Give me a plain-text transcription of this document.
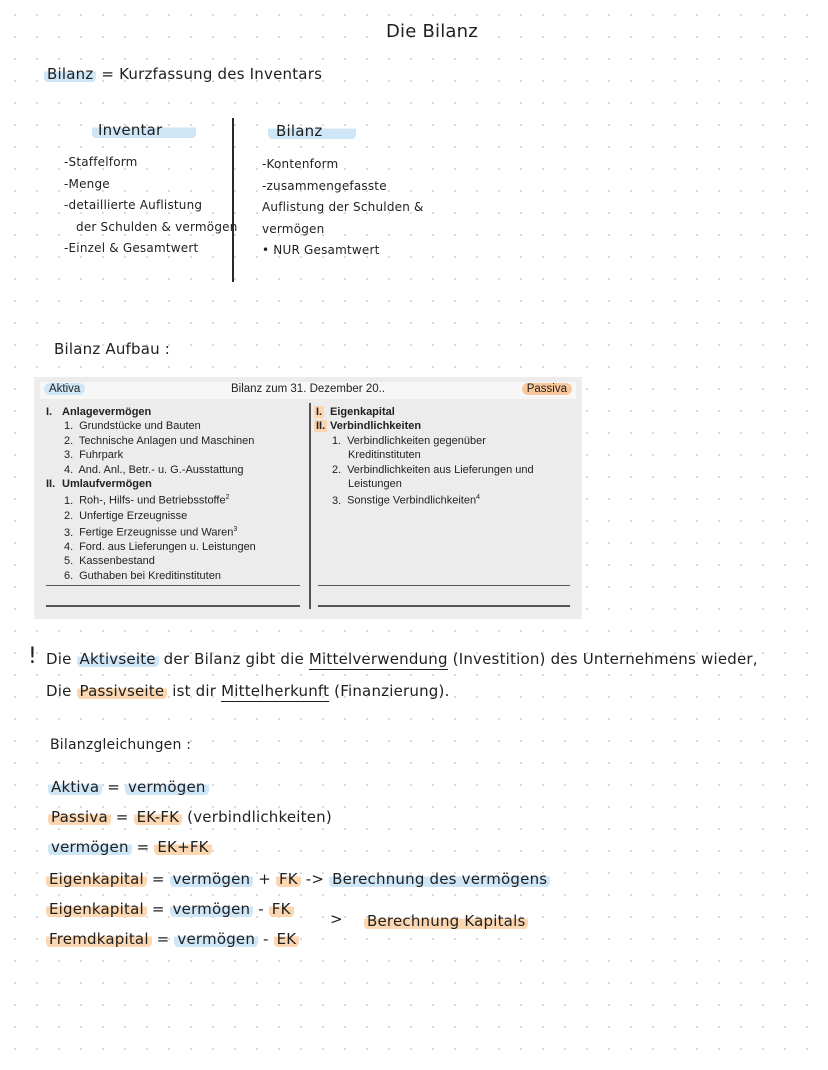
Die Bilanz
Bilanz = Kurzfassung des Inventars
Inventar	Bilanz
-Staffelform
-Menge
-detaillierte Auflistung
der Schulden & vermögen
-Einzel & Gesamtwert
-Kontenform
-zusammengefasste
Auflistung der Schulden &
vermögen
• NUR Gesamtwert
Bilanz Aufbau :
Bilanz zum 31. Dezember 20..
Aktiva	Passiva
I. Anlagevermögen
1. Grundstücke und Bauten
2. Technische Anlagen und Maschinen
3. Fuhrpark
4. And. Anl., Betr.- u. G.-Ausstattung
II. Umlaufvermögen
1. Roh-, Hilfs- und Betriebsstoffe$^2$
2. Unfertige Erzeugnisse
3. Fertige Erzeugnisse und Waren$^3$
4. Ford. aus Lieferungen u. Leistungen
5. Kassenbestand
6. Guthaben bei Kreditinstituten
I. Eigenkapital
II. Verbindlichkeiten
1. Verbindlichkeiten gegenüber
Kreditinstituten
2. Verbindlichkeiten aus Lieferungen und
Leistungen
3. Sonstige Verbindlichkeiten$^4$
! Die Aktivseite der Bilanz gibt die Mittelverwendung (Investition) des Unternehmens wieder,
Die Passivseite ist dir Mittelherkunft (Finanzierung).
Bilanzgleichungen :
Aktiva = vermögen
Passiva = EK-FK (verbindlichkeiten)
vermögen = EK+FK
Eigenkapital = vermögen + FK -> Berechnung des vermögens
Eigenkapital = vermögen - FK
Fremdkapital = vermögen - EK
> Berechnung Kapitals
